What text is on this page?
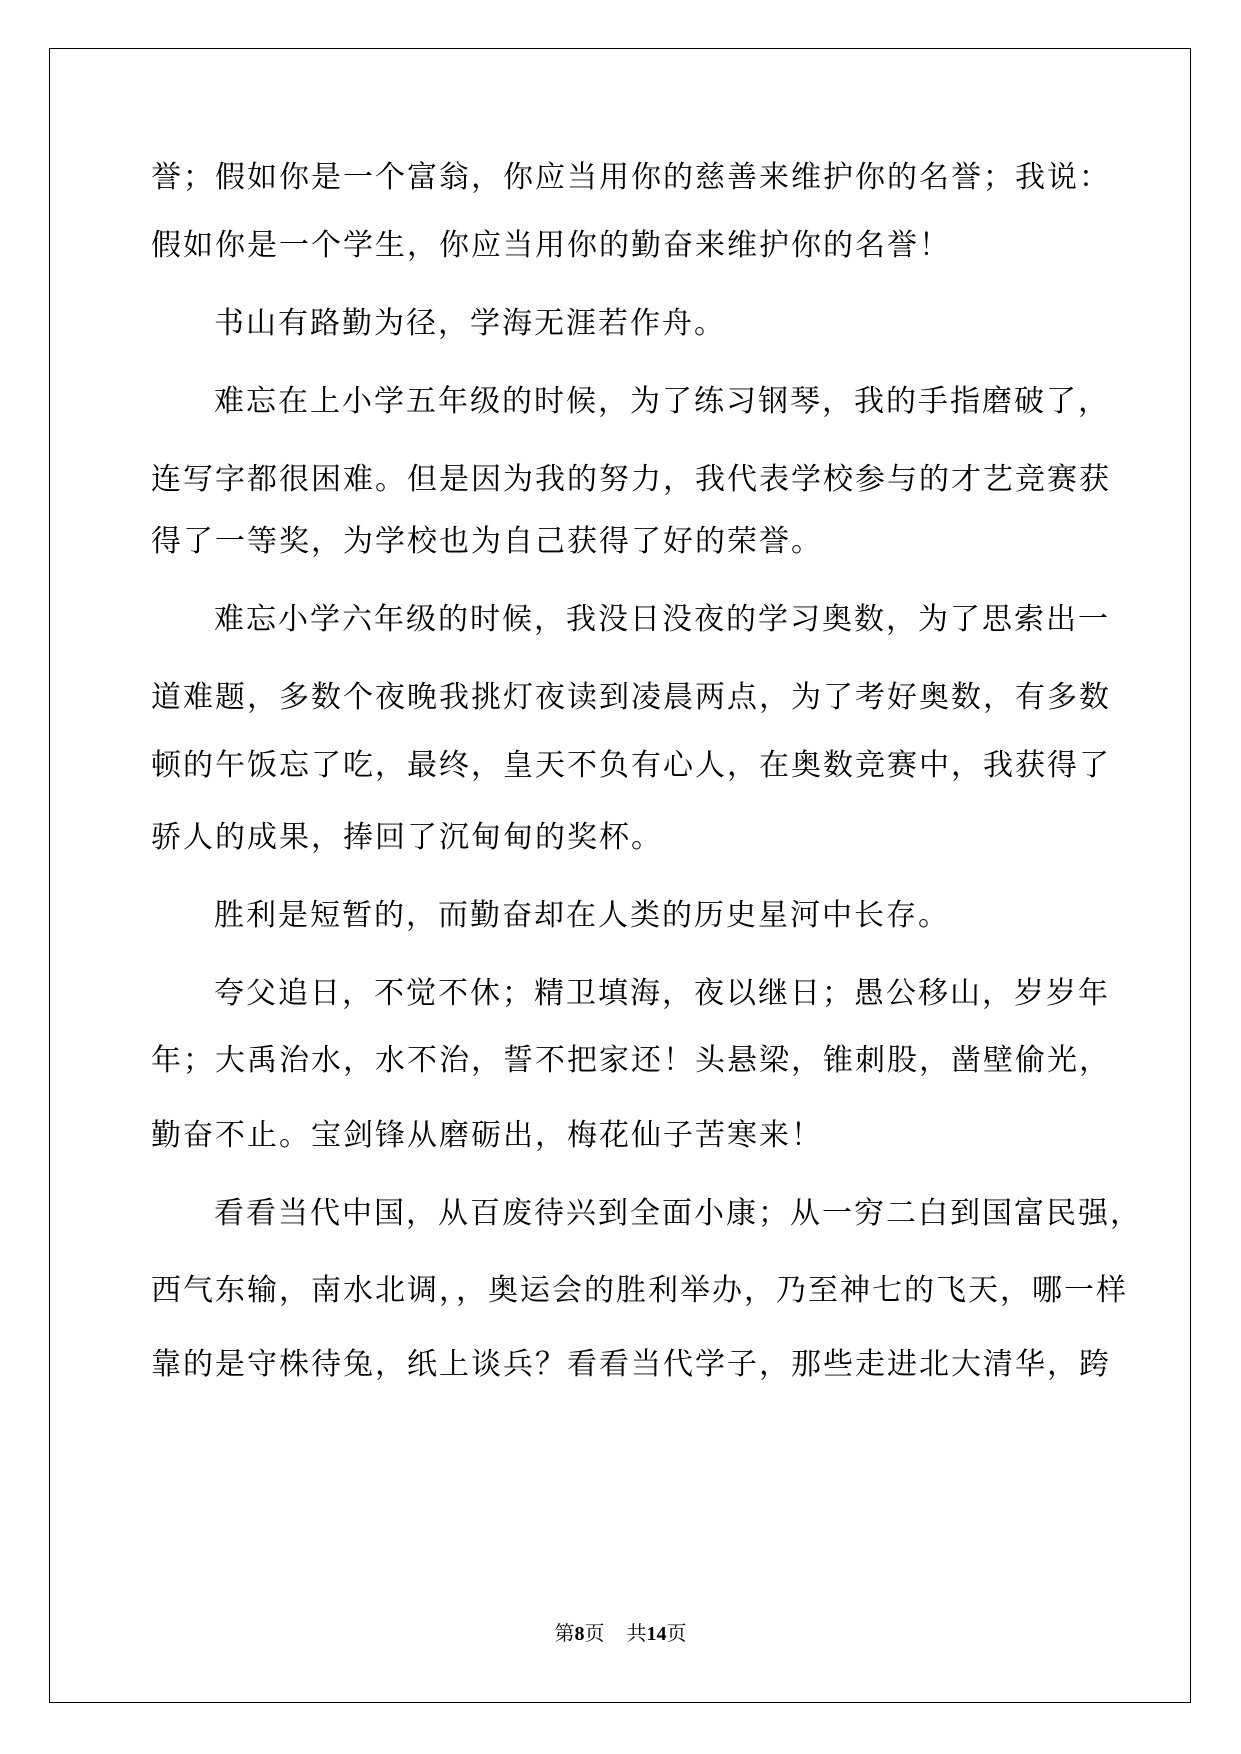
誉；假如你是一个富翁，你应当用你的慈善来维护你的名誉；我说：
假如你是一个学生，你应当用你的勤奋来维护你的名誉！
书山有路勤为径，学海无涯若作舟。
难忘在上小学五年级的时候，为了练习钢琴，我的手指磨破了，
连写字都很困难。但是因为我的努力，我代表学校参与的才艺竞赛获
得了一等奖，为学校也为自己获得了好的荣誉。
难忘小学六年级的时候，我没日没夜的学习奥数，为了思索出一
道难题，多数个夜晚我挑灯夜读到凌晨两点，为了考好奥数，有多数
顿的午饭忘了吃，最终，皇天不负有心人，在奥数竞赛中，我获得了
骄人的成果，捧回了沉甸甸的奖杯。
胜利是短暂的，而勤奋却在人类的历史星河中长存。
夸父追日，不觉不休；精卫填海，夜以继日；愚公移山，岁岁年
年；大禹治水，水不治，誓不把家还！头悬梁，锥刺股，凿壁偷光，
勤奋不止。宝剑锋从磨砺出，梅花仙子苦寒来！
看看当代中国，从百废待兴到全面小康；从一穷二白到国富民强，
西气东输，南水北调，，奥运会的胜利举办，乃至神七的飞天，哪一样
靠的是守株待兔，纸上谈兵？看看当代学子，那些走进北大清华，跨
第8页 共14页
